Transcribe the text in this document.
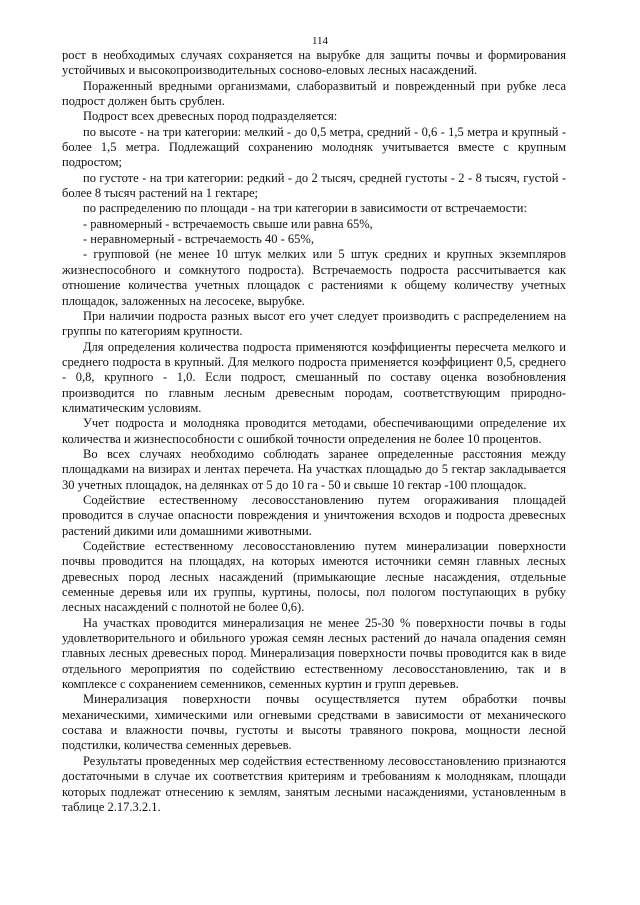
114

рост в необходимых случаях сохраняется на вырубке для защиты почвы и формирования устойчивых и высокопроизводительных сосново-еловых лесных насаждений.

Пораженный вредными организмами, слаборазвитый и поврежденный при рубке леса подрост должен быть срублен.

Подрост всех древесных пород подразделяется:

по высоте - на три категории: мелкий - до 0,5 метра, средний - 0,6 - 1,5 метра и крупный - более 1,5 метра. Подлежащий сохранению молодняк учитывается вместе с крупным подростом;

по густоте - на три категории: редкий - до 2 тысяч, средней густоты - 2 - 8 тысяч, густой - более 8 тысяч растений на 1 гектаре;

по распределению по площади - на три категории в зависимости от встречаемости:

- равномерный - встречаемость свыше или равна 65%,

- неравномерный - встречаемость 40 - 65%,

- групповой (не менее 10 штук мелких или 5 штук средних и крупных экземпляров жизнеспособного и сомкнутого подроста). Встречаемость подроста рассчитывается как отношение количества учетных площадок с растениями к общему количеству учетных площадок, заложенных на лесосеке, вырубке.

При наличии подроста разных высот его учет следует производить с распределением на группы по категориям крупности.

Для определения количества подроста применяются коэффициенты пересчета мелкого и среднего подроста в крупный. Для мелкого подроста применяется коэффициент 0,5, среднего - 0,8, крупного - 1,0. Если подрост, смешанный по составу оценка возобновления производится по главным лесным древесным породам, соответствующим природно-климатическим условиям.

Учет подроста и молодняка проводится методами, обеспечивающими определение их количества и жизнеспособности с ошибкой точности определения не более 10 процентов.

Во всех случаях необходимо соблюдать заранее определенные расстояния между площадками на визирах и лентах перечета. На участках площадью до 5 гектар закладывается 30 учетных площадок, на делянках от 5 до 10 га - 50 и свыше 10 гектар -100 площадок.

Содействие естественному лесовосстановлению путем огораживания площадей проводится в случае опасности повреждения и уничтожения всходов и подроста древесных растений дикими или домашними животными.

Содействие естественному лесовосстановлению путем минерализации поверхности почвы проводится на площадях, на которых имеются источники семян главных лесных древесных пород лесных насаждений (примыкающие лесные насаждения, отдельные семенные деревья или их группы, куртины, полосы, пол пологом поступающих в рубку лесных насаждений с полнотой не более 0,6).

На участках проводится минерализация не менее 25-30 % поверхности почвы в годы удовлетворительного и обильного урожая семян лесных растений до начала опадения семян главных лесных древесных пород. Минерализация поверхности почвы проводится как в виде отдельного мероприятия по содействию естественному лесовосстановлению, так и в комплексе с сохранением семенников, семенных куртин и групп деревьев.

Минерализация поверхности почвы осуществляется путем обработки почвы механическими, химическими или огневыми средствами в зависимости от механического состава и влажности почвы, густоты и высоты травяного покрова, мощности лесной подстилки, количества семенных деревьев.

Результаты проведенных мер содействия естественному лесовосстановлению признаются достаточными в случае их соответствия критериям и требованиям к молоднякам, площади которых подлежат отнесению к землям, занятым лесными насаждениями, установленным в таблице 2.17.3.2.1.
